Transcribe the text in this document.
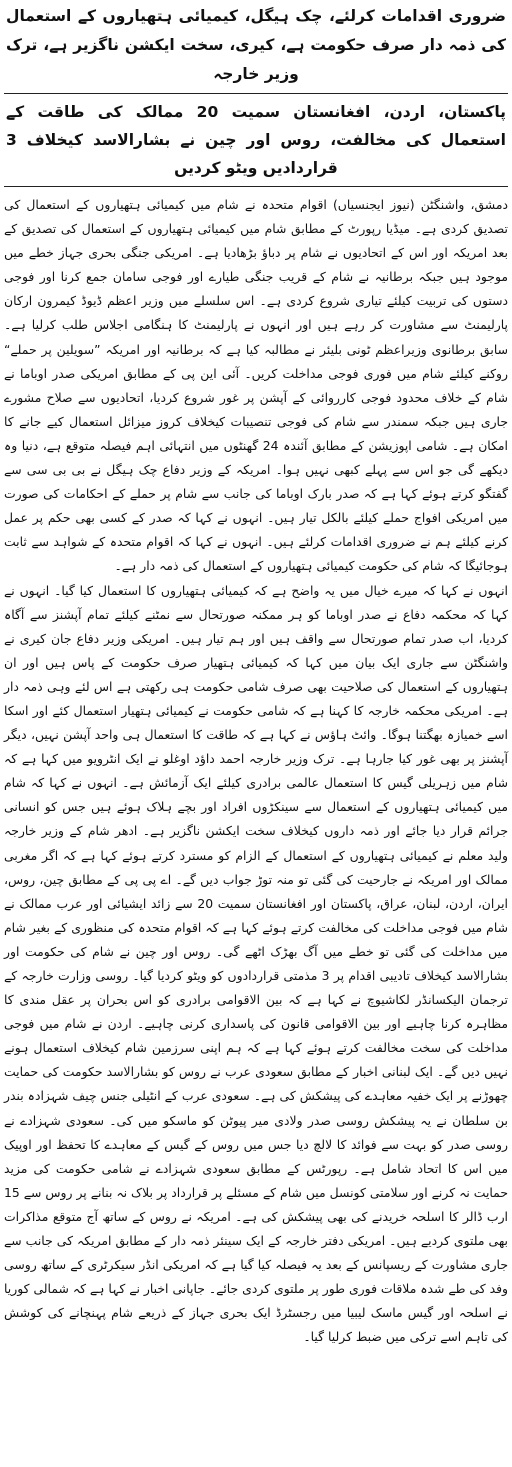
ضروری اقدامات کرلئے، چک ہیگل، کیمیائی ہتھیاروں کے استعمال کی ذمہ دار صرف حکومت ہے، کیری، سخت ایکشن ناگزیر ہے، ترک وزیر خارجہ
پاکستان، اردن، افغانستان سمیت 20 ممالک کی طاقت کے استعمال کی مخالفت، روس اور چین نے بشارالاسد کیخلاف 3 قراردادیں ویٹو کردیں

دمشق، واشنگٹن (نیوز ایجنسیاں) اقوام متحدہ نے شام میں کیمیائی ہتھیاروں کے استعمال کی تصدیق کردی ہے۔ میڈیا رپورٹ کے مطابق شام میں کیمیائی ہتھیاروں کے استعمال کی تصدیق کے بعد امریکہ اور اس کے اتحادیوں نے شام پر دباؤ بڑھادیا ہے۔ امریکی جنگی بحری جہاز خطے میں موجود ہیں جبکہ برطانیہ نے شام کے قریب جنگی طیارے اور فوجی سامان جمع کرنا اور فوجی دستوں کی تربیت کیلئے تیاری شروع کردی ہے۔ اس سلسلے میں وزیر اعظم ڈیوڈ کیمرون ارکان پارلیمنٹ سے مشاورت کر رہے ہیں اور انہوں نے پارلیمنٹ کا ہنگامی اجلاس طلب کرلیا ہے۔ سابق برطانوی وزیراعظم ٹونی بلیئر نے مطالبہ کیا ہے کہ برطانیہ اور امریکہ ”سویلین پر حملے“ روکنے کیلئے شام میں فوری فوجی مداخلت کریں۔ آئی این پی کے مطابق امریکی صدر اوباما نے شام کے خلاف محدود فوجی کارروائی کے آپشن پر غور شروع کردیا، اتحادیوں سے صلاح مشورے جاری ہیں جبکہ سمندر سے شام کی فوجی تنصیبات کیخلاف کروز میزائل استعمال کیے جانے کا امکان ہے۔ شامی اپوزیشن کے مطابق آئندہ 24 گھنٹوں میں انتہائی اہم فیصلہ متوقع ہے، دنیا وہ دیکھے گی جو اس سے پہلے کبھی نہیں ہوا۔ امریکہ کے وزیر دفاع چک ہیگل نے بی بی سی سے گفتگو کرتے ہوئے کہا ہے کہ صدر بارک اوباما کی جانب سے شام پر حملے کے احکامات کی صورت میں امریکی افواج حملے کیلئے بالکل تیار ہیں۔ انہوں نے کہا کہ صدر کے کسی بھی حکم پر عمل کرنے کیلئے ہم نے ضروری اقدامات کرلئے ہیں۔ انہوں نے کہا کہ اقوام متحدہ کے شواہد سے ثابت ہوجائیگا کہ شام کی حکومت کیمیائی ہتھیاروں کے استعمال کی ذمہ دار ہے۔

انہوں نے کہا کہ میرے خیال میں یہ واضح ہے کہ کیمیائی ہتھیاروں کا استعمال کیا گیا۔ انہوں نے کہا کہ محکمہ دفاع نے صدر اوباما کو ہر ممکنہ صورتحال سے نمٹنے کیلئے تمام آپشنز سے آگاہ کردیا، اب صدر تمام صورتحال سے واقف ہیں اور ہم تیار ہیں۔ امریکی وزیر دفاع جان کیری نے واشنگٹن سے جاری ایک بیان میں کہا کہ کیمیائی ہتھیار صرف حکومت کے پاس ہیں اور ان ہتھیاروں کے استعمال کی صلاحیت بھی صرف شامی حکومت ہی رکھتی ہے اس لئے وہی ذمہ دار ہے۔ امریکی محکمہ خارجہ کا کہنا ہے کہ شامی حکومت نے کیمیائی ہتھیار استعمال کئے اور اسکا اسے خمیازہ بھگتنا ہوگا۔ وائٹ ہاؤس نے کہا ہے کہ طاقت کا استعمال ہی واحد آپشن نہیں، دیگر آپشنز پر بھی غور کیا جارہا ہے۔ ترک وزیر خارجہ احمد داؤد اوغلو نے ایک انٹرویو میں کہا ہے کہ شام میں زہریلی گیس کا استعمال عالمی برادری کیلئے ایک آزمائش ہے۔ انہوں نے کہا کہ شام میں کیمیائی ہتھیاروں کے استعمال سے سینکڑوں افراد اور بچے ہلاک ہوئے ہیں جس کو انسانی جرائم قرار دیا جائے اور ذمہ داروں کیخلاف سخت ایکشن ناگزیر ہے۔ ادھر شام کے وزیر خارجہ ولید معلم نے کیمیائی ہتھیاروں کے استعمال کے الزام کو مسترد کرتے ہوئے کہا ہے کہ اگر مغربی ممالک اور امریکہ نے جارحیت کی گئی تو منہ توڑ جواب دیں گے۔ اے پی پی کے مطابق چین، روس، ایران، اردن، لبنان، عراق، پاکستان اور افغانستان سمیت 20 سے زائد ایشیائی اور عرب ممالک نے شام میں فوجی مداخلت کی مخالفت کرتے ہوئے کہا ہے کہ اقوام متحدہ کی منظوری کے بغیر شام میں مداخلت کی گئی تو خطے میں آگ بھڑک اٹھے گی۔ روس اور چین نے شام کی حکومت اور بشارالاسد کیخلاف تادیبی اقدام پر 3 مذمتی قراردادوں کو ویٹو کردیا گیا۔ روسی وزارت خارجہ کے ترجمان الیکسانڈر لکاشیوچ نے کہا ہے کہ بین الاقوامی برادری کو اس بحران پر عقل مندی کا مظاہرہ کرنا چاہیے اور بین الاقوامی قانون کی پاسداری کرنی چاہیے۔ اردن نے شام میں فوجی مداخلت کی سخت مخالفت کرتے ہوئے کہا ہے کہ ہم اپنی سرزمین شام کیخلاف استعمال ہونے نہیں دیں گے۔ ایک لبنانی اخبار کے مطابق سعودی عرب نے روس کو بشارالاسد حکومت کی حمایت چھوڑنے پر ایک خفیہ معاہدے کی پیشکش کی ہے۔ سعودی عرب کے انٹیلی جنس چیف شہزادہ بندر بن سلطان نے یہ پیشکش روسی صدر ولادی میر پیوٹن کو ماسکو میں کی۔ سعودی شہزادے نے روسی صدر کو بہت سے فوائد کا لالچ دیا جس میں روس کے گیس کے معاہدے کا تحفظ اور اوپیک میں اس کا اتحاد شامل ہے۔ رپورٹس کے مطابق سعودی شہزادے نے شامی حکومت کی مزید حمایت نہ کرنے اور سلامتی کونسل میں شام کے مسئلے پر قرارداد پر بلاک نہ بنانے پر روس سے 15 ارب ڈالر کا اسلحہ خریدنے کی بھی پیشکش کی ہے۔ امریکہ نے روس کے ساتھ آج متوقع مذاکرات بھی ملتوی کردیے ہیں۔ امریکی دفتر خارجہ کے ایک سینئر ذمہ دار کے مطابق امریکہ کی جانب سے جاری مشاورت کے ریسپانس کے بعد یہ فیصلہ کیا گیا ہے کہ امریکی انڈر سیکرٹری کے ساتھ روسی وفد کی طے شدہ ملاقات فوری طور پر ملتوی کردی جائے۔ جاپانی اخبار نے کہا ہے کہ شمالی کوریا نے اسلحہ اور گیس ماسک لیبیا میں رجسٹرڈ ایک بحری جہاز کے ذریعے شام پہنچانے کی کوشش کی تاہم اسے ترکی میں ضبط کرلیا گیا۔
